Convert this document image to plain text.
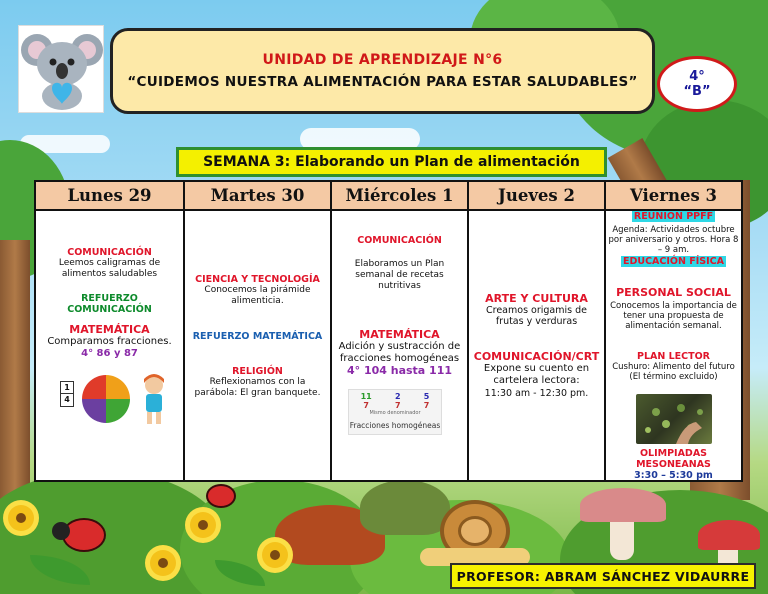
UNIDAD DE APRENDIZAJE N°6
“CUIDEMOS NUESTRA ALIMENTACIÓN PARA ESTAR SALUDABLES”	4°
“B”
SEMANA 3: Elaborando un Plan de alimentación
Lunes 29
COMUNICACIÓN
Leemos caligramas de alimentos saludables
REFUERZO COMUNICACIÓN
MATEMÁTICA
Comparamos fracciones.
4° 86 y 87
1
4
Martes 30
CIENCIA Y TECNOLOGÍA
Conocemos la pirámide alimenticia.
REFUERZO MATEMÁTICA
RELIGIÓN
Reflexionamos con la parábola: El gran banquete.
Miércoles 1
COMUNICACIÓN
Elaboramos un Plan semanal de recetas nutritivas
MATEMÁTICA
Adición y sustracción de fracciones homogéneas
4° 104 hasta 111
11
7
2
7
5
7
Mismo denominador
Fracciones homogéneas
Jueves 2
ARTE Y CULTURA
Creamos origamis de frutas y verduras
COMUNICACIÓN/CRT
Expone su cuento en cartelera lectora:
11:30 am - 12:30 pm.
Viernes 3
REUNION PPFF
Agenda: Actividades octubre por aniversario y otros. Hora 8 – 9 am.
EDUCACIÓN FÍSICA
PERSONAL SOCIAL
Conocemos la importancia de tener una propuesta de alimentación semanal.
PLAN LECTOR
Cushuro: Alimento del futuro (El término excluido)
OLIMPIADAS MESONEANAS
3:30 – 5:30 pm
PROFESOR: ABRAM SÁNCHEZ VIDAURRE
